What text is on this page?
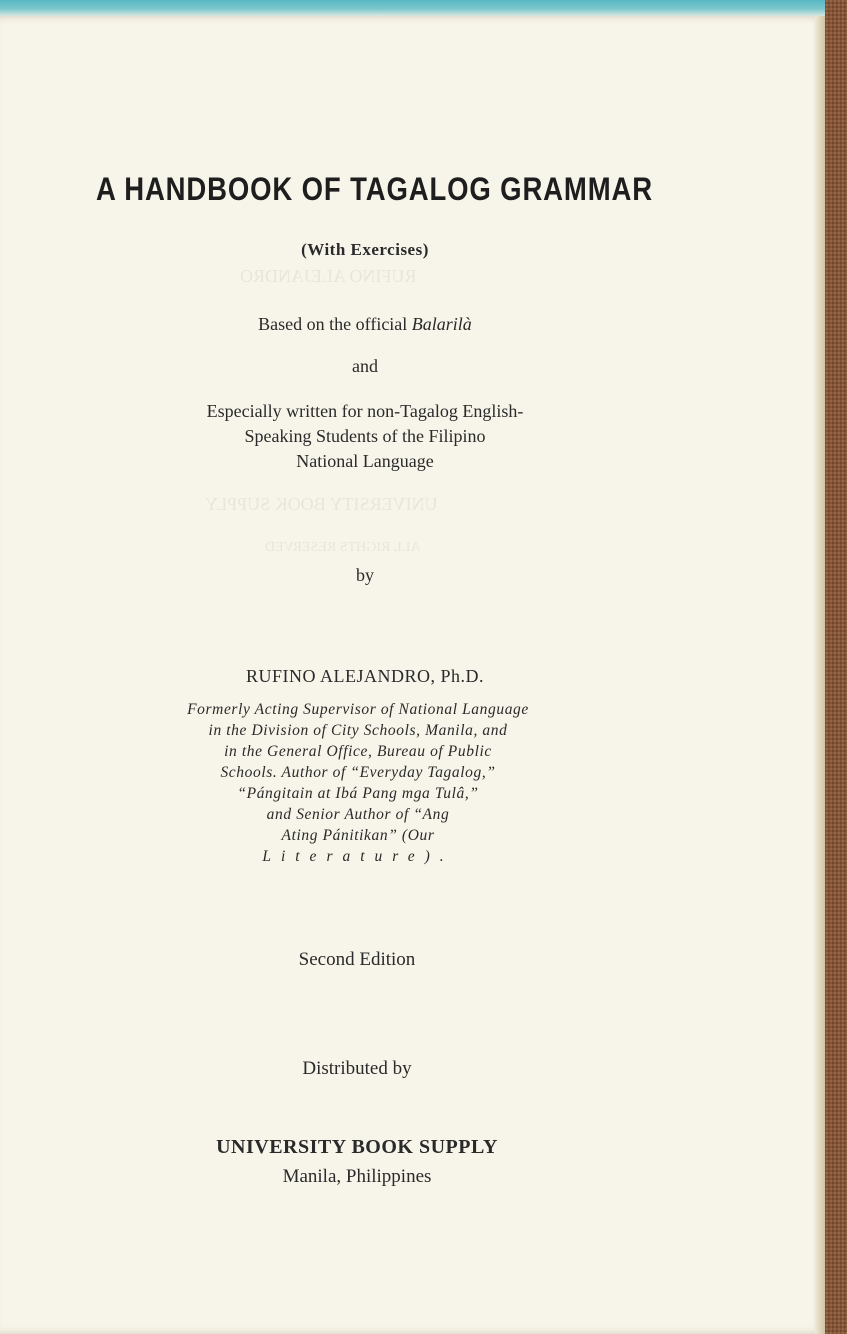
RUFINO ALEJANDRO
UNIVERSITY BOOK SUPPLY
ALL RIGHTS RESERVED
A HANDBOOK OF TAGALOG GRAMMAR
(With Exercises)
Based on the official Balarilà
and
Especially written for non-Tagalog English-
Speaking Students of the Filipino
National Language
by
RUFINO ALEJANDRO, Ph.D.
Formerly Acting Supervisor of National Language
in the Division of City Schools, Manila, and
in the General Office, Bureau of Public
Schools. Author of “Everyday Tagalog,”
“Pángitain at Ibá Pang mga Tulâ,”
and Senior Author of “Ang
Ating Pánitikan” (Our
Literature).
Second Edition
Distributed by
UNIVERSITY BOOK SUPPLY
Manila, Philippines
